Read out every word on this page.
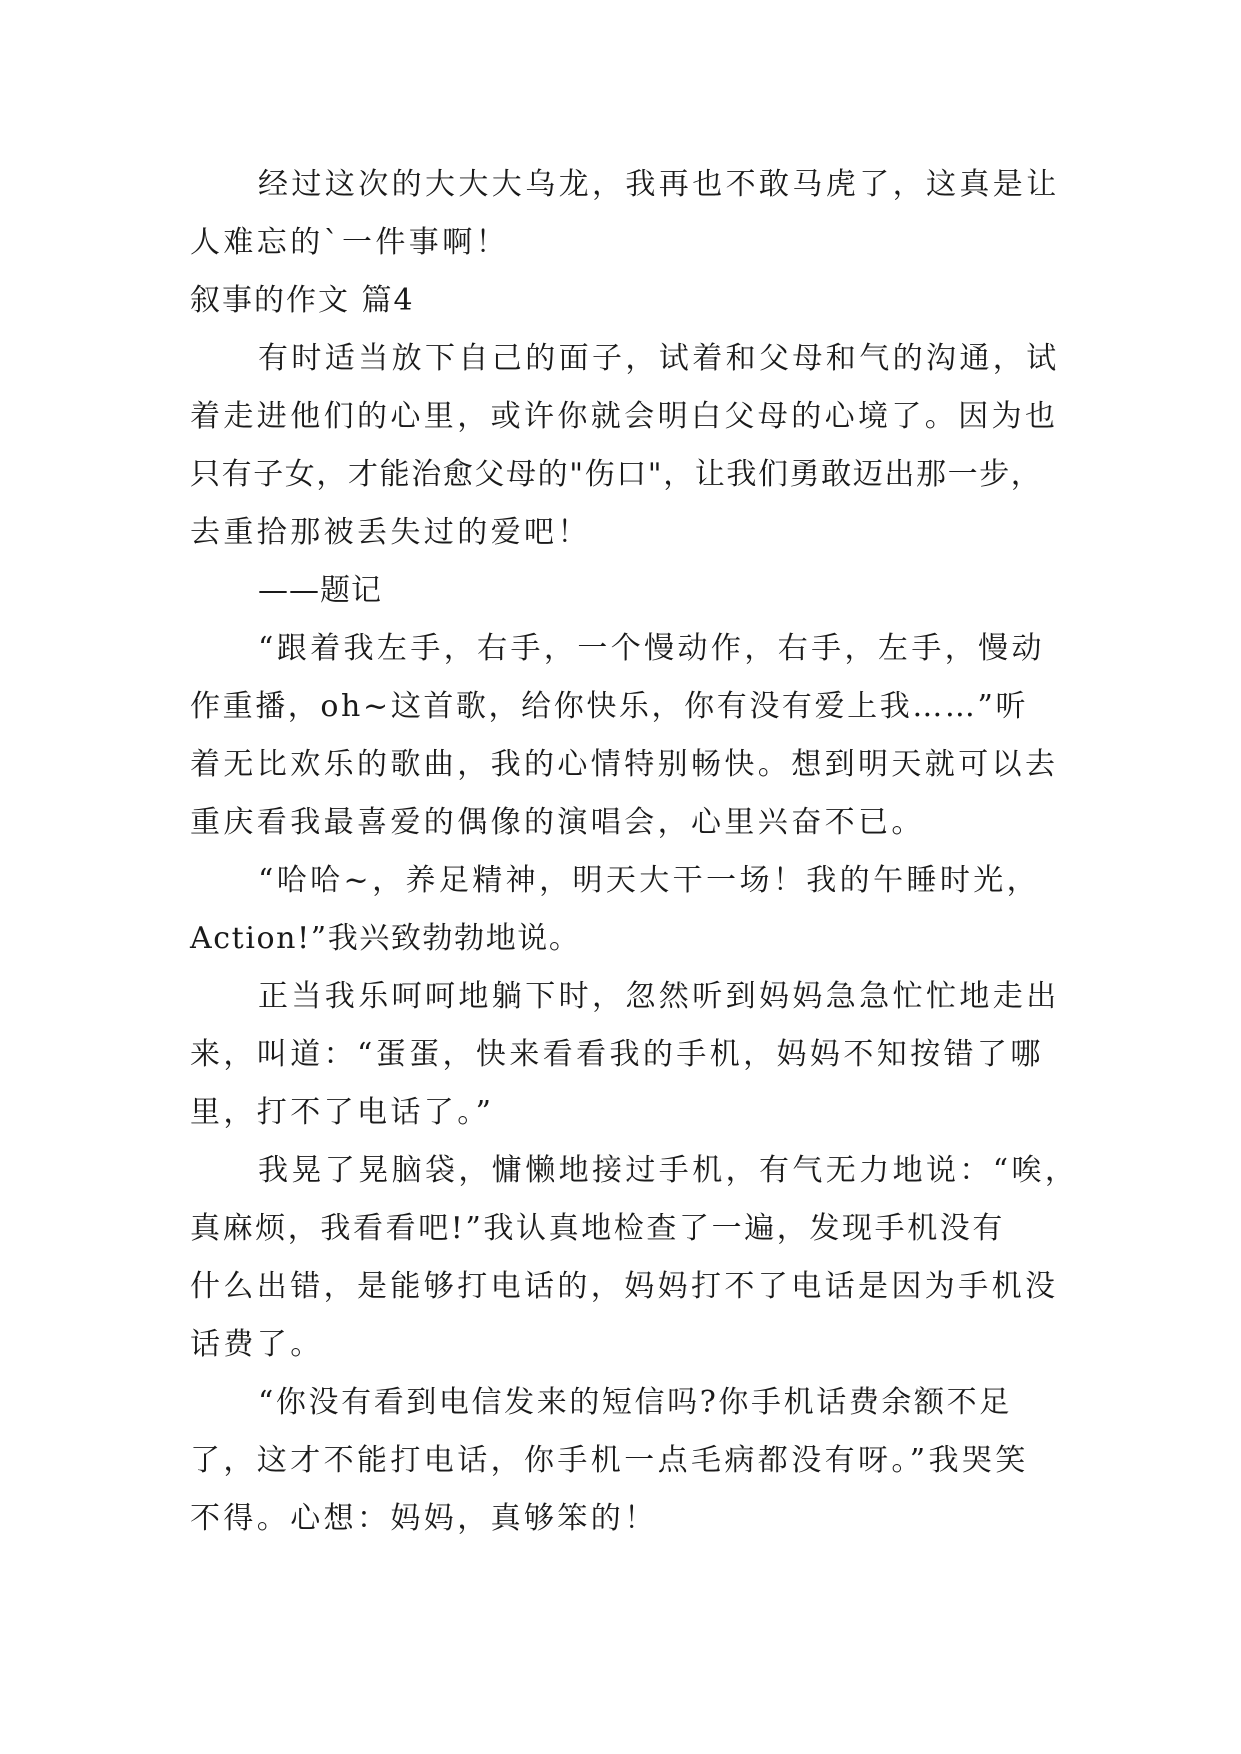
经过这次的大大大乌龙，我再也不敢马虎了，这真是让

人难忘的`一件事啊！

叙事的作文 篇4

有时适当放下自己的面子，试着和父母和气的沟通，试

着走进他们的心里，或许你就会明白父母的心境了。因为也

只有子女，才能治愈父母的"伤口"，让我们勇敢迈出那一步，

去重拾那被丢失过的爱吧！

——题记

“跟着我左手，右手，一个慢动作，右手，左手，慢动

作重播，oh~这首歌，给你快乐，你有没有爱上我……”听

着无比欢乐的歌曲，我的心情特别畅快。想到明天就可以去

重庆看我最喜爱的偶像的演唱会，心里兴奋不已。

“哈哈~，养足精神，明天大干一场！我的午睡时光，

Action!”我兴致勃勃地说。

正当我乐呵呵地躺下时，忽然听到妈妈急急忙忙地走出

来，叫道：“蛋蛋，快来看看我的手机，妈妈不知按错了哪

里，打不了电话了。”

我晃了晃脑袋，慵懒地接过手机，有气无力地说：“唉，

真麻烦，我看看吧!”我认真地检查了一遍，发现手机没有

什么出错，是能够打电话的，妈妈打不了电话是因为手机没

话费了。

“你没有看到电信发来的短信吗?你手机话费余额不足

了，这才不能打电话，你手机一点毛病都没有呀。”我哭笑

不得。心想：妈妈，真够笨的！
